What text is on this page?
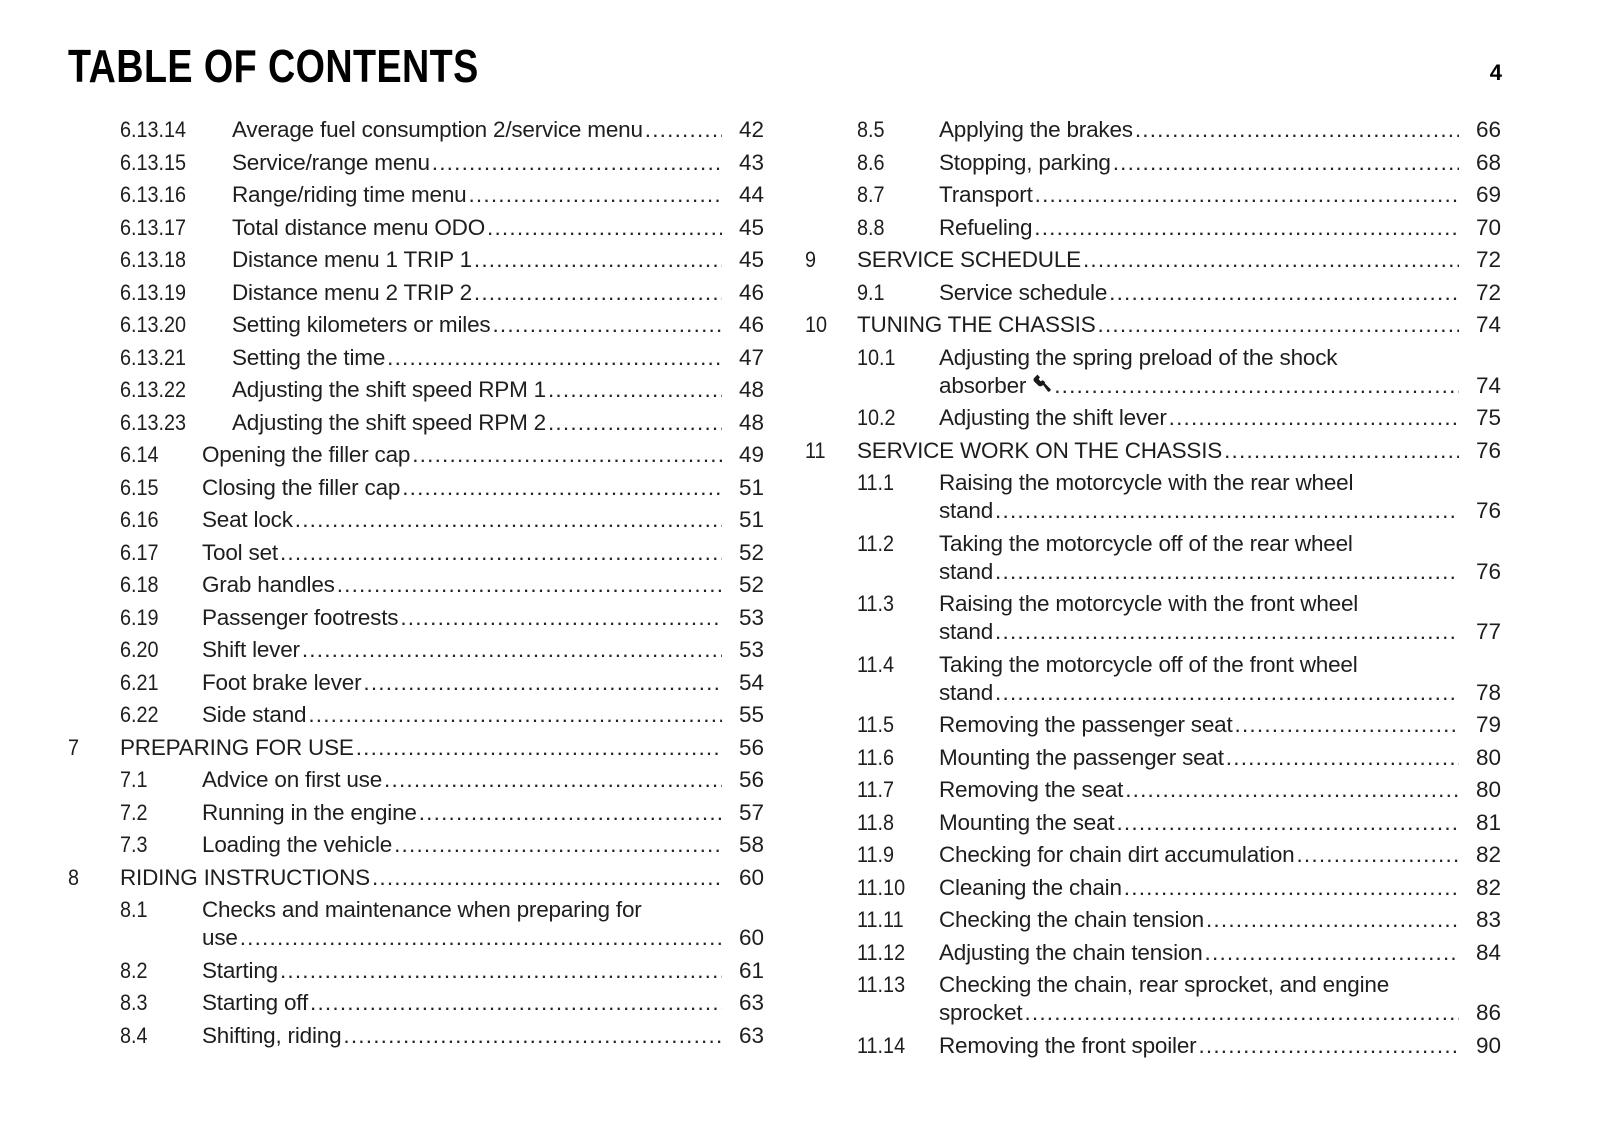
TABLE OF CONTENTS	4
6.13.14 Average fuel consumption 2/service menu .....	42
6.13.15 Service/range menu .....	43
6.13.16 Range/riding time menu .....	44
6.13.17 Total distance menu ODO .....	45
6.13.18 Distance menu 1 TRIP 1 .....	45
6.13.19 Distance menu 2 TRIP 2 .....	46
6.13.20 Setting kilometers or miles .....	46
6.13.21 Setting the time .....	47
6.13.22 Adjusting the shift speed RPM 1 .....	48
6.13.23 Adjusting the shift speed RPM 2 .....	48
6.14 Opening the filler cap .....	49
6.15 Closing the filler cap .....	51
6.16 Seat lock .....	51
6.17 Tool set .....	52
6.18 Grab handles .....	52
6.19 Passenger footrests .....	53
6.20 Shift lever .....	53
6.21 Foot brake lever .....	54
6.22 Side stand .....	55
7 PREPARING FOR USE .....	56
7.1 Advice on first use .....	56
7.2 Running in the engine .....	57
7.3 Loading the vehicle .....	58
8 RIDING INSTRUCTIONS .....	60
8.1 Checks and maintenance when preparing for
use .....	60
8.2 Starting .....	61
8.3 Starting off .....	63
8.4 Shifting, riding .....	63
8.5 Applying the brakes .....	66
8.6 Stopping, parking .....	68
8.7 Transport .....	69
8.8 Refueling .....	70
9 SERVICE SCHEDULE .....	72
9.1 Service schedule .....	72
10 TUNING THE CHASSIS .....	74
10.1 Adjusting the spring preload of the shock
absorber .....	74
10.2 Adjusting the shift lever .....	75
11 SERVICE WORK ON THE CHASSIS .....	76
11.1 Raising the motorcycle with the rear wheel
stand .....	76
11.2 Taking the motorcycle off of the rear wheel
stand .....	76
11.3 Raising the motorcycle with the front wheel
stand .....	77
11.4 Taking the motorcycle off of the front wheel
stand .....	78
11.5 Removing the passenger seat .....	79
11.6 Mounting the passenger seat .....	80
11.7 Removing the seat .....	80
11.8 Mounting the seat .....	81
11.9 Checking for chain dirt accumulation .....	82
11.10 Cleaning the chain .....	82
11.11 Checking the chain tension .....	83
11.12 Adjusting the chain tension .....	84
11.13 Checking the chain, rear sprocket, and engine
sprocket .....	86
11.14 Removing the front spoiler .....	90
